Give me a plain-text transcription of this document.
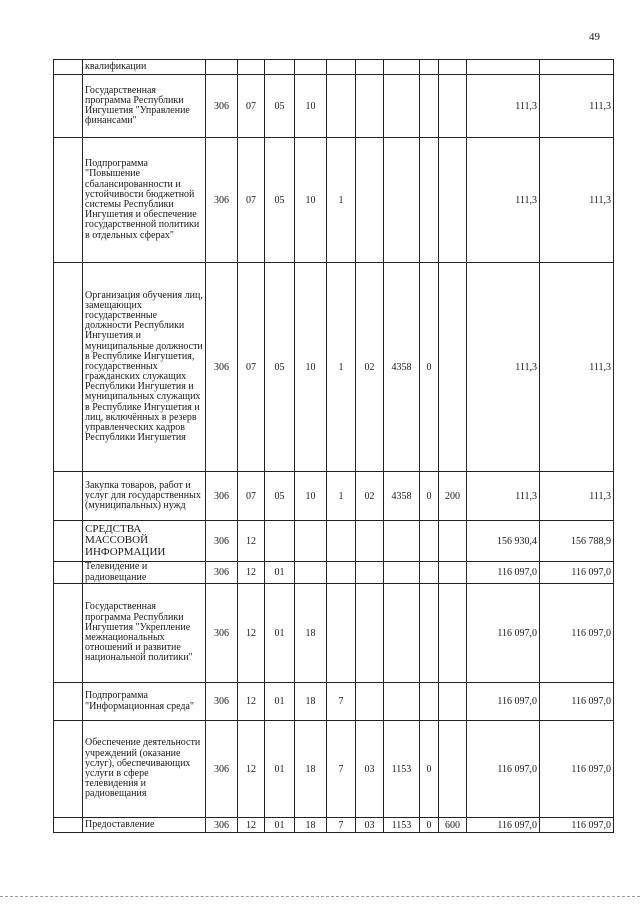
49
	квалификации											
	Государственная программа Республики Ингушетия "Управление финансами"	306	07	05	10						111,3	111,3
	Подпрограмма "Повышение сбалансированности и устойчивости бюджетной системы Республики Ингушетия и обеспечение государственной политики в отдельных сферах"	306	07	05	10	1					111,3	111,3
	Организация обучения лиц, замещающих государственные должности Республики Ингушетия и муниципальные должности в Республике Ингушетия, государственных гражданских служащих Республики Ингушетия и муниципальных служащих в Республике Ингушетия и лиц, включённых в резерв управленческих кадров Республики Ингушетия	306	07	05	10	1	02	4358	0		111,3	111,3
	Закупка товаров, работ и услуг для государственных (муниципальных) нужд	306	07	05	10	1	02	4358	0	200	111,3	111,3
	СРЕДСТВА МАССОВОЙ ИНФОРМАЦИИ	306	12								156 930,4	156 788,9
	Телевидение и радиовещание	306	12	01							116 097,0	116 097,0
	Государственная программа Республики Ингушетия "Укрепление межнациональных отношений и развитие национальной политики"	306	12	01	18						116 097,0	116 097,0
	Подпрограмма "Информационная среда"	306	12	01	18	7					116 097,0	116 097,0
	Обеспечение деятельности учреждений (оказание услуг), обеспечивающих услуги в сфере телевидения и радиовещания	306	12	01	18	7	03	1153	0		116 097,0	116 097,0
	Предоставление	306	12	01	18	7	03	1153	0	600	116 097,0	116 097,0
